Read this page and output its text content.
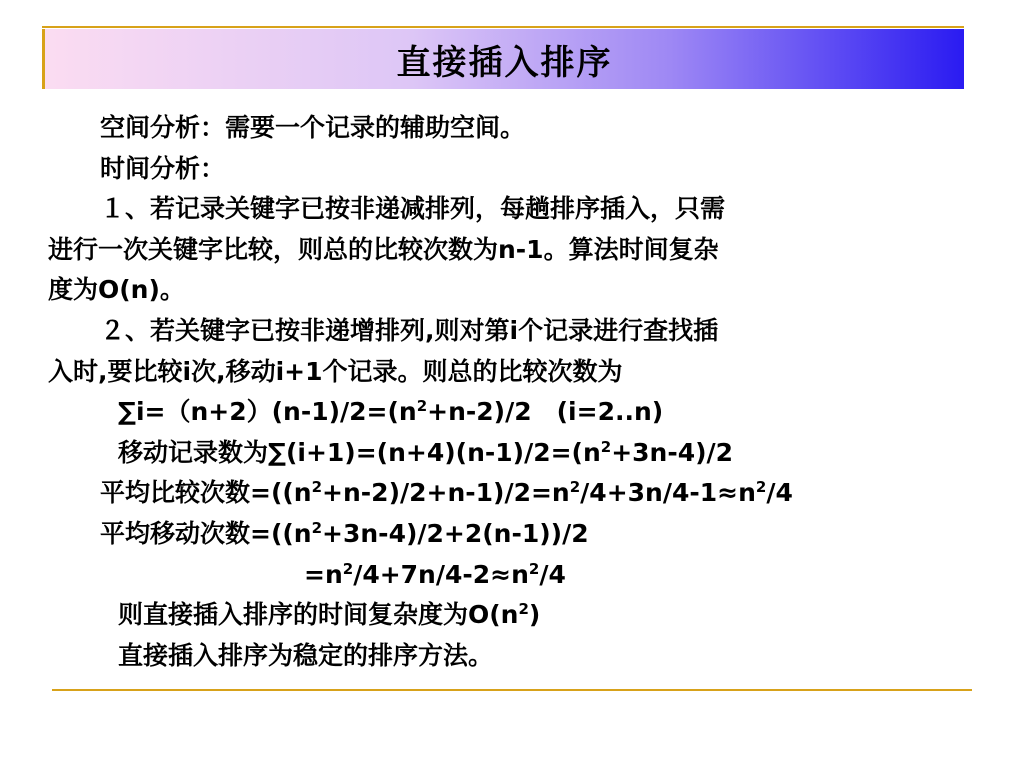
直接插入排序
空间分析：需要一个记录的辅助空间。
时间分析：
１、若记录关键字已按非递减排列，每趟排序插入，只需
进行一次关键字比较，则总的比较次数为n-1。算法时间复杂
度为O(n)。
２、若关键字已按非递增排列,则对第i个记录进行查找插
入时,要比较i次,移动i+1个记录。则总的比较次数为
$\sum i=(n+2)(n-1)/2=(n^2+n-2)/2$　(i=2..n)
移动记录数为$\sum(i+1)=(n+4)(n-1)/2=(n^2+3n-4)/2$
平均比较次数$=((n^2+n-2)/2+n-1)/2=n^2/4+3n/4-1\approx n^2/4$
平均移动次数$=((n^2+3n-4)/2+2(n-1))/2$
$=n^2/4+7n/4-2\approx n^2/4$
则直接插入排序的时间复杂度为$O(n^2)$
直接插入排序为稳定的排序方法。
